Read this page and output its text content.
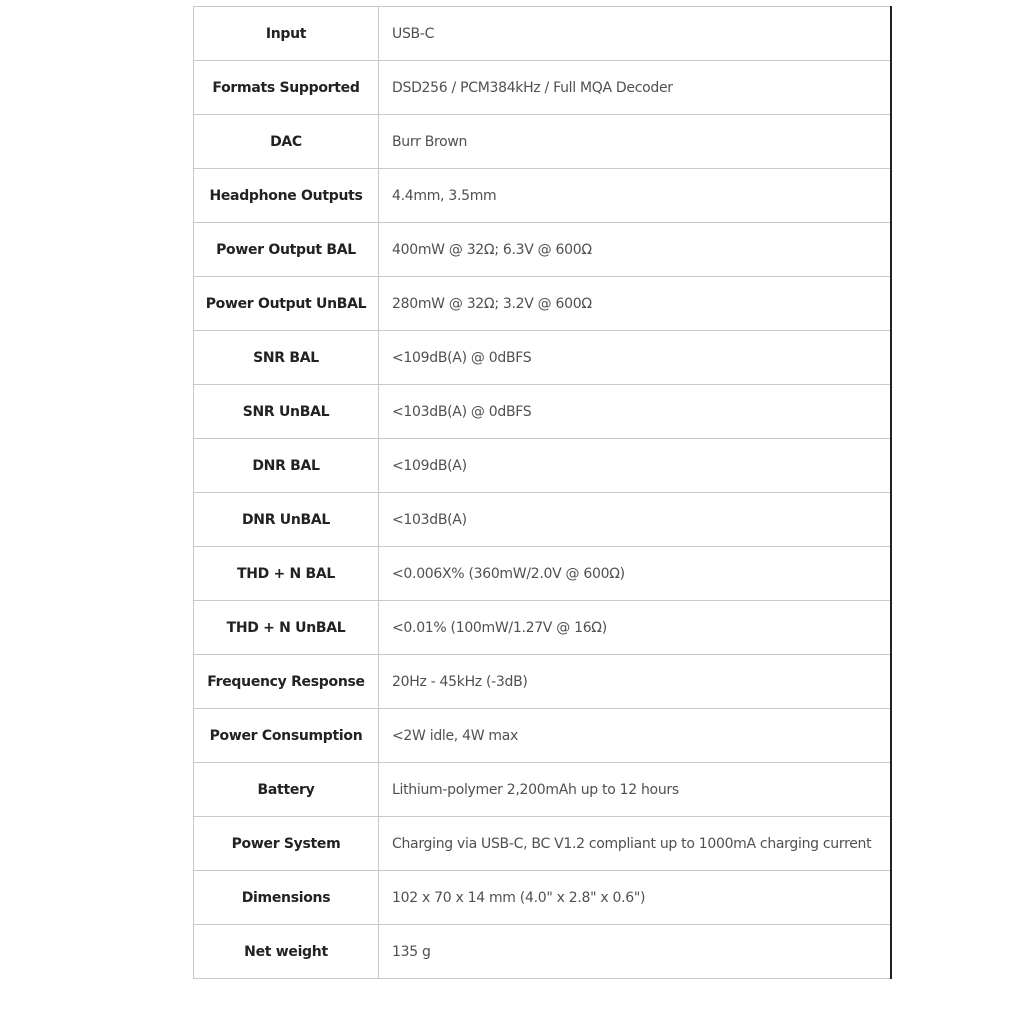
Input	USB-C
Formats Supported	DSD256 / PCM384kHz / Full MQA Decoder
DAC	Burr Brown
Headphone Outputs	4.4mm, 3.5mm
Power Output BAL	400mW @ 32Ω; 6.3V @ 600Ω
Power Output UnBAL	280mW @ 32Ω; 3.2V @ 600Ω
SNR BAL	<109dB(A) @ 0dBFS
SNR UnBAL	<103dB(A) @ 0dBFS
DNR BAL	<109dB(A)
DNR UnBAL	<103dB(A)
THD + N BAL	<0.006X% (360mW/2.0V @ 600Ω)
THD + N UnBAL	<0.01% (100mW/1.27V @ 16Ω)
Frequency Response	20Hz - 45kHz (-3dB)
Power Consumption	<2W idle, 4W max
Battery	Lithium-polymer 2,200mAh up to 12 hours
Power System	Charging via USB-C, BC V1.2 compliant up to 1000mA charging current
Dimensions	102 x 70 x 14 mm (4.0" x 2.8" x 0.6")
Net weight	135 g
